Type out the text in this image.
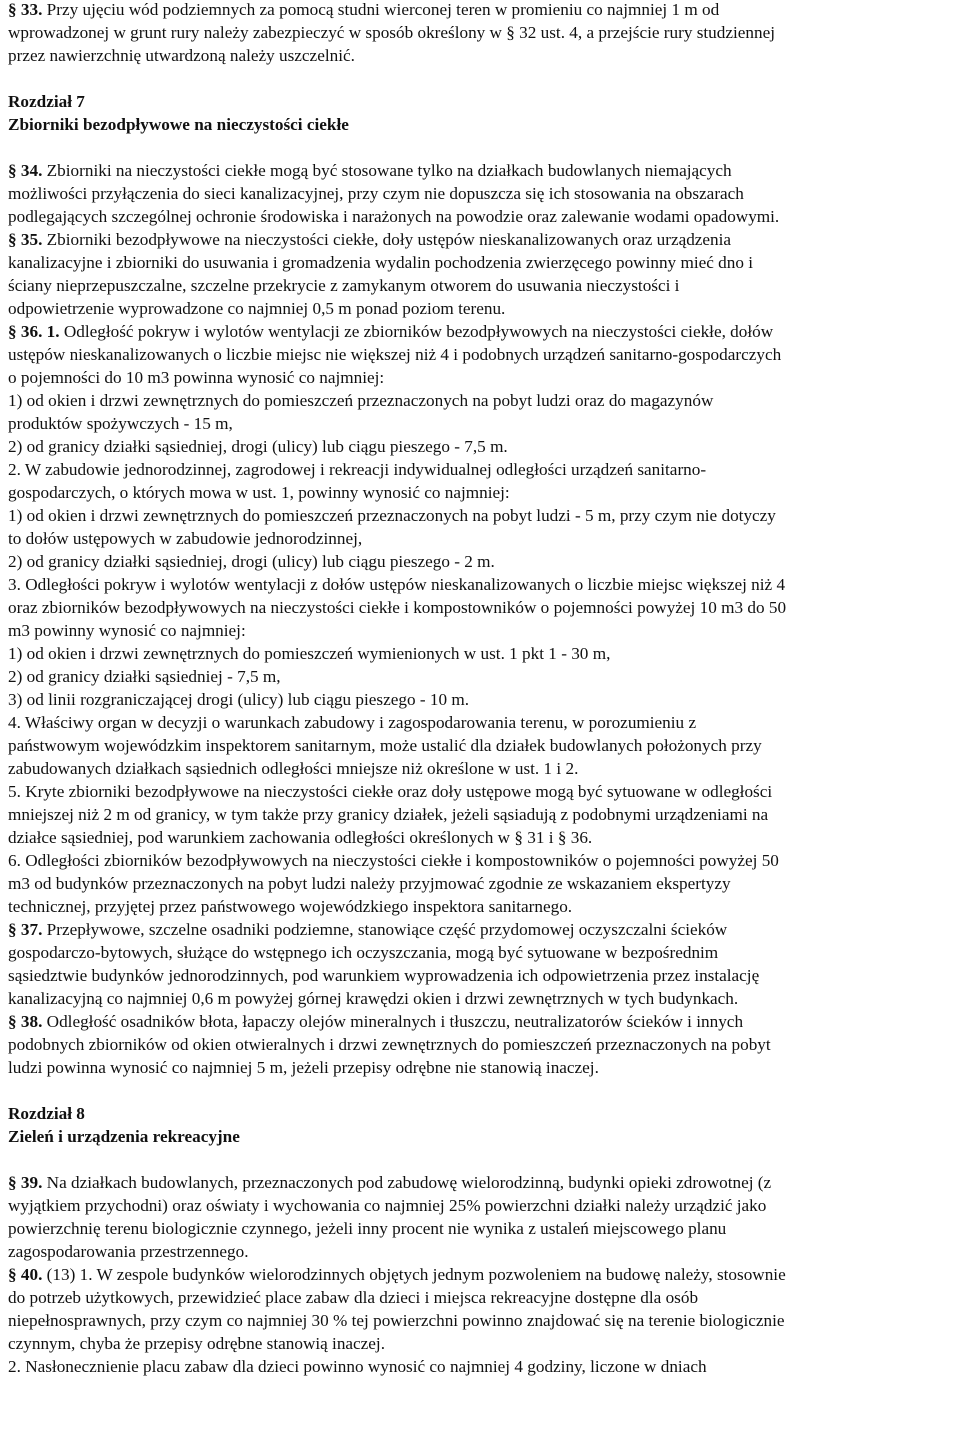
§ 33. Przy ujęciu wód podziemnych za pomocą studni wierconej teren w promieniu co najmniej 1 m od
wprowadzonej w grunt rury należy zabezpieczyć w sposób określony w § 32 ust. 4, a przejście rury studziennej
przez nawierzchnię utwardzoną należy uszczelnić.
Rozdział 7
Zbiorniki bezodpływowe na nieczystości ciekłe
§ 34. Zbiorniki na nieczystości ciekłe mogą być stosowane tylko na działkach budowlanych niemających
możliwości przyłączenia do sieci kanalizacyjnej, przy czym nie dopuszcza się ich stosowania na obszarach
podlegających szczególnej ochronie środowiska i narażonych na powodzie oraz zalewanie wodami opadowymi.
§ 35. Zbiorniki bezodpływowe na nieczystości ciekłe, doły ustępów nieskanalizowanych oraz urządzenia
kanalizacyjne i zbiorniki do usuwania i gromadzenia wydalin pochodzenia zwierzęcego powinny mieć dno i
ściany nieprzepuszczalne, szczelne przekrycie z zamykanym otworem do usuwania nieczystości i
odpowietrzenie wyprowadzone co najmniej 0,5 m ponad poziom terenu.
§ 36. 1. Odległość pokryw i wylotów wentylacji ze zbiorników bezodpływowych na nieczystości ciekłe, dołów
ustępów nieskanalizowanych o liczbie miejsc nie większej niż 4 i podobnych urządzeń sanitarno-gospodarczych
o pojemności do 10 m3 powinna wynosić co najmniej:
1) od okien i drzwi zewnętrznych do pomieszczeń przeznaczonych na pobyt ludzi oraz do magazynów
produktów spożywczych - 15 m,
2) od granicy działki sąsiedniej, drogi (ulicy) lub ciągu pieszego - 7,5 m.
2. W zabudowie jednorodzinnej, zagrodowej i rekreacji indywidualnej odległości urządzeń sanitarno-
gospodarczych, o których mowa w ust. 1, powinny wynosić co najmniej:
1) od okien i drzwi zewnętrznych do pomieszczeń przeznaczonych na pobyt ludzi - 5 m, przy czym nie dotyczy
to dołów ustępowych w zabudowie jednorodzinnej,
2) od granicy działki sąsiedniej, drogi (ulicy) lub ciągu pieszego - 2 m.
3. Odległości pokryw i wylotów wentylacji z dołów ustępów nieskanalizowanych o liczbie miejsc większej niż 4
oraz zbiorników bezodpływowych na nieczystości ciekłe i kompostowników o pojemności powyżej 10 m3 do 50
m3 powinny wynosić co najmniej:
1) od okien i drzwi zewnętrznych do pomieszczeń wymienionych w ust. 1 pkt 1 - 30 m,
2) od granicy działki sąsiedniej - 7,5 m,
3) od linii rozgraniczającej drogi (ulicy) lub ciągu pieszego - 10 m.
4. Właściwy organ w decyzji o warunkach zabudowy i zagospodarowania terenu, w porozumieniu z
państwowym wojewódzkim inspektorem sanitarnym, może ustalić dla działek budowlanych położonych przy
zabudowanych działkach sąsiednich odległości mniejsze niż określone w ust. 1 i 2.
5. Kryte zbiorniki bezodpływowe na nieczystości ciekłe oraz doły ustępowe mogą być sytuowane w odległości
mniejszej niż 2 m od granicy, w tym także przy granicy działek, jeżeli sąsiadują z podobnymi urządzeniami na
działce sąsiedniej, pod warunkiem zachowania odległości określonych w § 31 i § 36.
6. Odległości zbiorników bezodpływowych na nieczystości ciekłe i kompostowników o pojemności powyżej 50
m3 od budynków przeznaczonych na pobyt ludzi należy przyjmować zgodnie ze wskazaniem ekspertyzy
technicznej, przyjętej przez państwowego wojewódzkiego inspektora sanitarnego.
§ 37. Przepływowe, szczelne osadniki podziemne, stanowiące część przydomowej oczyszczalni ścieków
gospodarczo-bytowych, służące do wstępnego ich oczyszczania, mogą być sytuowane w bezpośrednim
sąsiedztwie budynków jednorodzinnych, pod warunkiem wyprowadzenia ich odpowietrzenia przez instalację
kanalizacyjną co najmniej 0,6 m powyżej górnej krawędzi okien i drzwi zewnętrznych w tych budynkach.
§ 38. Odległość osadników błota, łapaczy olejów mineralnych i tłuszczu, neutralizatorów ścieków i innych
podobnych zbiorników od okien otwieralnych i drzwi zewnętrznych do pomieszczeń przeznaczonych na pobyt
ludzi powinna wynosić co najmniej 5 m, jeżeli przepisy odrębne nie stanowią inaczej.
Rozdział 8
Zieleń i urządzenia rekreacyjne
§ 39. Na działkach budowlanych, przeznaczonych pod zabudowę wielorodzinną, budynki opieki zdrowotnej (z
wyjątkiem przychodni) oraz oświaty i wychowania co najmniej 25% powierzchni działki należy urządzić jako
powierzchnię terenu biologicznie czynnego, jeżeli inny procent nie wynika z ustaleń miejscowego planu
zagospodarowania przestrzennego.
§ 40. (13) 1. W zespole budynków wielorodzinnych objętych jednym pozwoleniem na budowę należy, stosownie
do potrzeb użytkowych, przewidzieć place zabaw dla dzieci i miejsca rekreacyjne dostępne dla osób
niepełnosprawnych, przy czym co najmniej 30 % tej powierzchni powinno znajdować się na terenie biologicznie
czynnym, chyba że przepisy odrębne stanowią inaczej.
2. Nasłonecznienie placu zabaw dla dzieci powinno wynosić co najmniej 4 godziny, liczone w dniach
